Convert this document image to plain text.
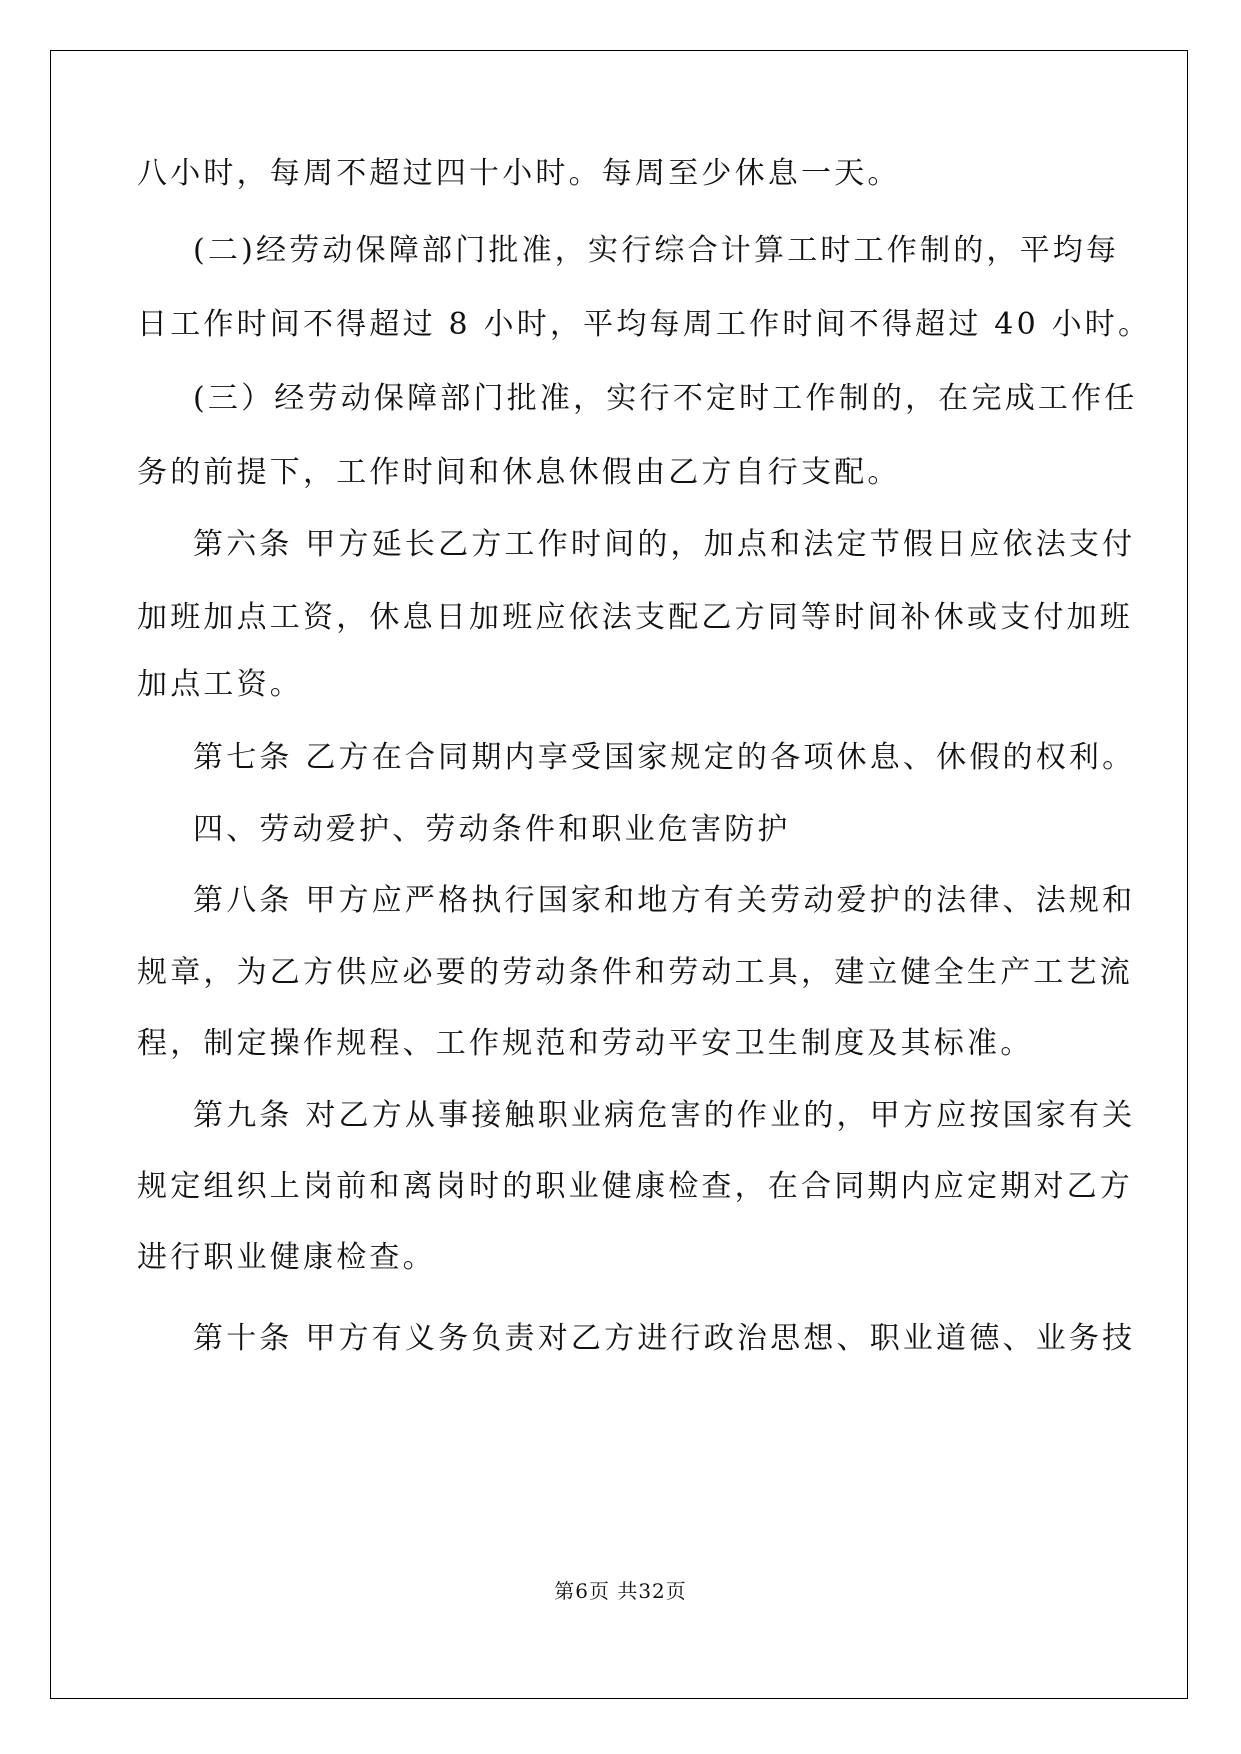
八小时，每周不超过四十小时。每周至少休息一天。
(二)经劳动保障部门批准，实行综合计算工时工作制的，平均每
日工作时间不得超过 8 小时，平均每周工作时间不得超过 40 小时。
(三）经劳动保障部门批准，实行不定时工作制的，在完成工作任
务的前提下，工作时间和休息休假由乙方自行支配。
第六条 甲方延长乙方工作时间的，加点和法定节假日应依法支付
加班加点工资，休息日加班应依法支配乙方同等时间补休或支付加班
加点工资。
第七条 乙方在合同期内享受国家规定的各项休息、休假的权利。
四、劳动爱护、劳动条件和职业危害防护
第八条 甲方应严格执行国家和地方有关劳动爱护的法律、法规和
规章，为乙方供应必要的劳动条件和劳动工具，建立健全生产工艺流
程，制定操作规程、工作规范和劳动平安卫生制度及其标准。
第九条 对乙方从事接触职业病危害的作业的，甲方应按国家有关
规定组织上岗前和离岗时的职业健康检查，在合同期内应定期对乙方
进行职业健康检查。
第十条 甲方有义务负责对乙方进行政治思想、职业道德、业务技
第6页 共32页
